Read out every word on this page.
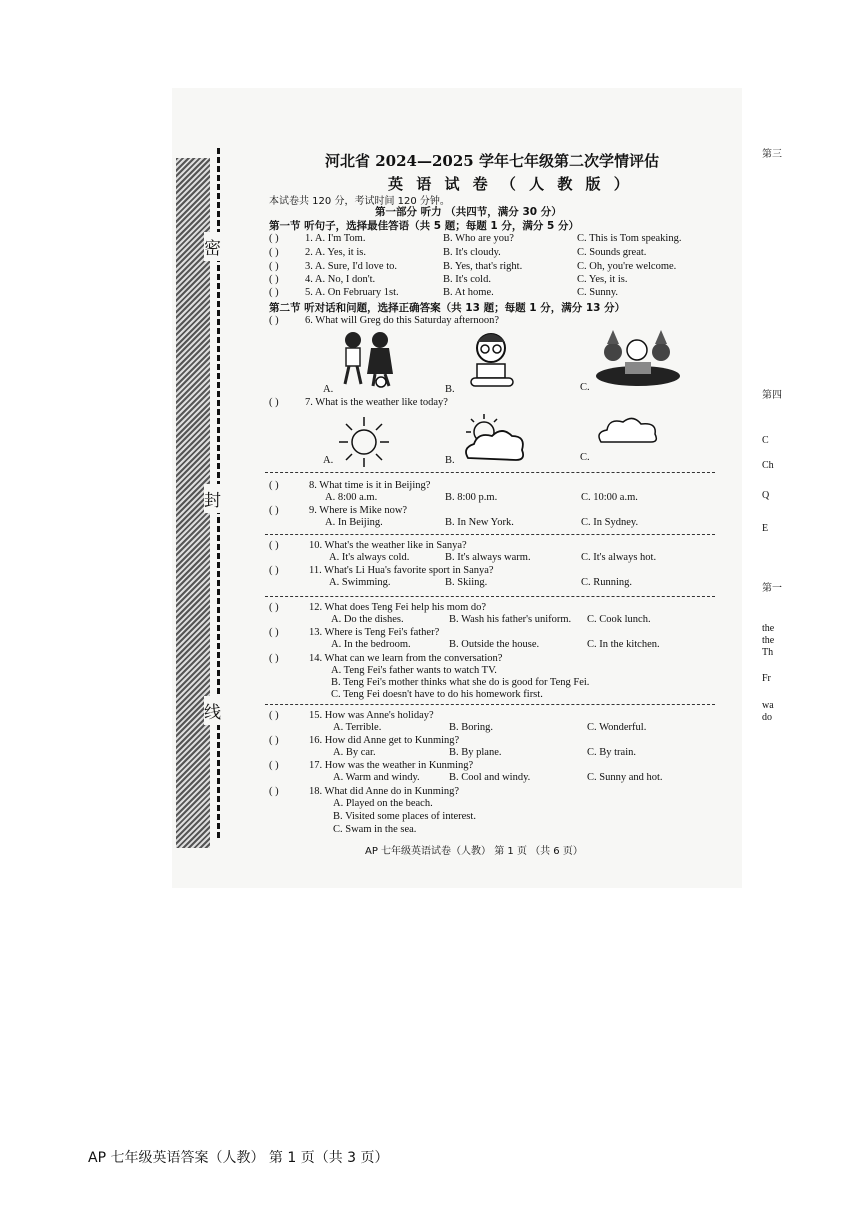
密
封
线
第三
第四
C
Ch
Q
E
第一
the
the
Th
Fr
wa
do
河北省 2024—2025 学年七年级第二次学情评估
英 语 试 卷 （ 人 教 版 ）
本试卷共 120 分，考试时间 120 分钟。
第一部分 听力 （共四节，满分 30 分）
第一节 听句子，选择最佳答语（共 5 题；每题 1 分，满分 5 分）
( )	1. A. I'm Tom.	B. Who are you?	C. This is Tom speaking.
( )	2. A. Yes, it is.	B. It's cloudy.	C. Sounds great.
( )	3. A. Sure, I'd love to.	B. Yes, that's right.	C. Oh, you're welcome.
( )	4. A. No, I don't.	B. It's cold.	C. Yes, it is.
( )	5. A. On February 1st.	B. At home.	C. Sunny.
第二节 听对话和问题，选择正确答案（共 13 题；每题 1 分，满分 13 分）
( )	6. What will Greg do this Saturday afternoon?
A.	B.	C.
( )	7. What is the weather like today?
A.	B.	C.
( )	8. What time is it in Beijing?
A. 8:00 a.m.	B. 8:00 p.m.	C. 10:00 a.m.
( )	9. Where is Mike now?
A. In Beijing.	B. In New York.	C. In Sydney.
( )	10. What's the weather like in Sanya?
A. It's always cold.	B. It's always warm.	C. It's always hot.
( )	11. What's Li Hua's favorite sport in Sanya?
A. Swimming.	B. Skiing.	C. Running.
( )	12. What does Teng Fei help his mom do?
A. Do the dishes.	B. Wash his father's uniform. C. Cook lunch.
( )	13. Where is Teng Fei's father?
A. In the bedroom.	B. Outside the house.	C. In the kitchen.
( )	14. What can we learn from the conversation?
A. Teng Fei's father wants to watch TV.
B. Teng Fei's mother thinks what she do is good for Teng Fei.
C. Teng Fei doesn't have to do his homework first.
( )	15. How was Anne's holiday?
A. Terrible.	B. Boring.	C. Wonderful.
( )	16. How did Anne get to Kunming?
A. By car.	B. By plane.	C. By train.
( )	17. How was the weather in Kunming?
A. Warm and windy.	B. Cool and windy.	C. Sunny and hot.
( )	18. What did Anne do in Kunming?
A. Played on the beach.
B. Visited some places of interest.
C. Swam in the sea.
AP 七年级英语试卷（人教） 第 1 页 （共 6 页）
AP 七年级英语答案（人教） 第 1 页（共 3 页）
